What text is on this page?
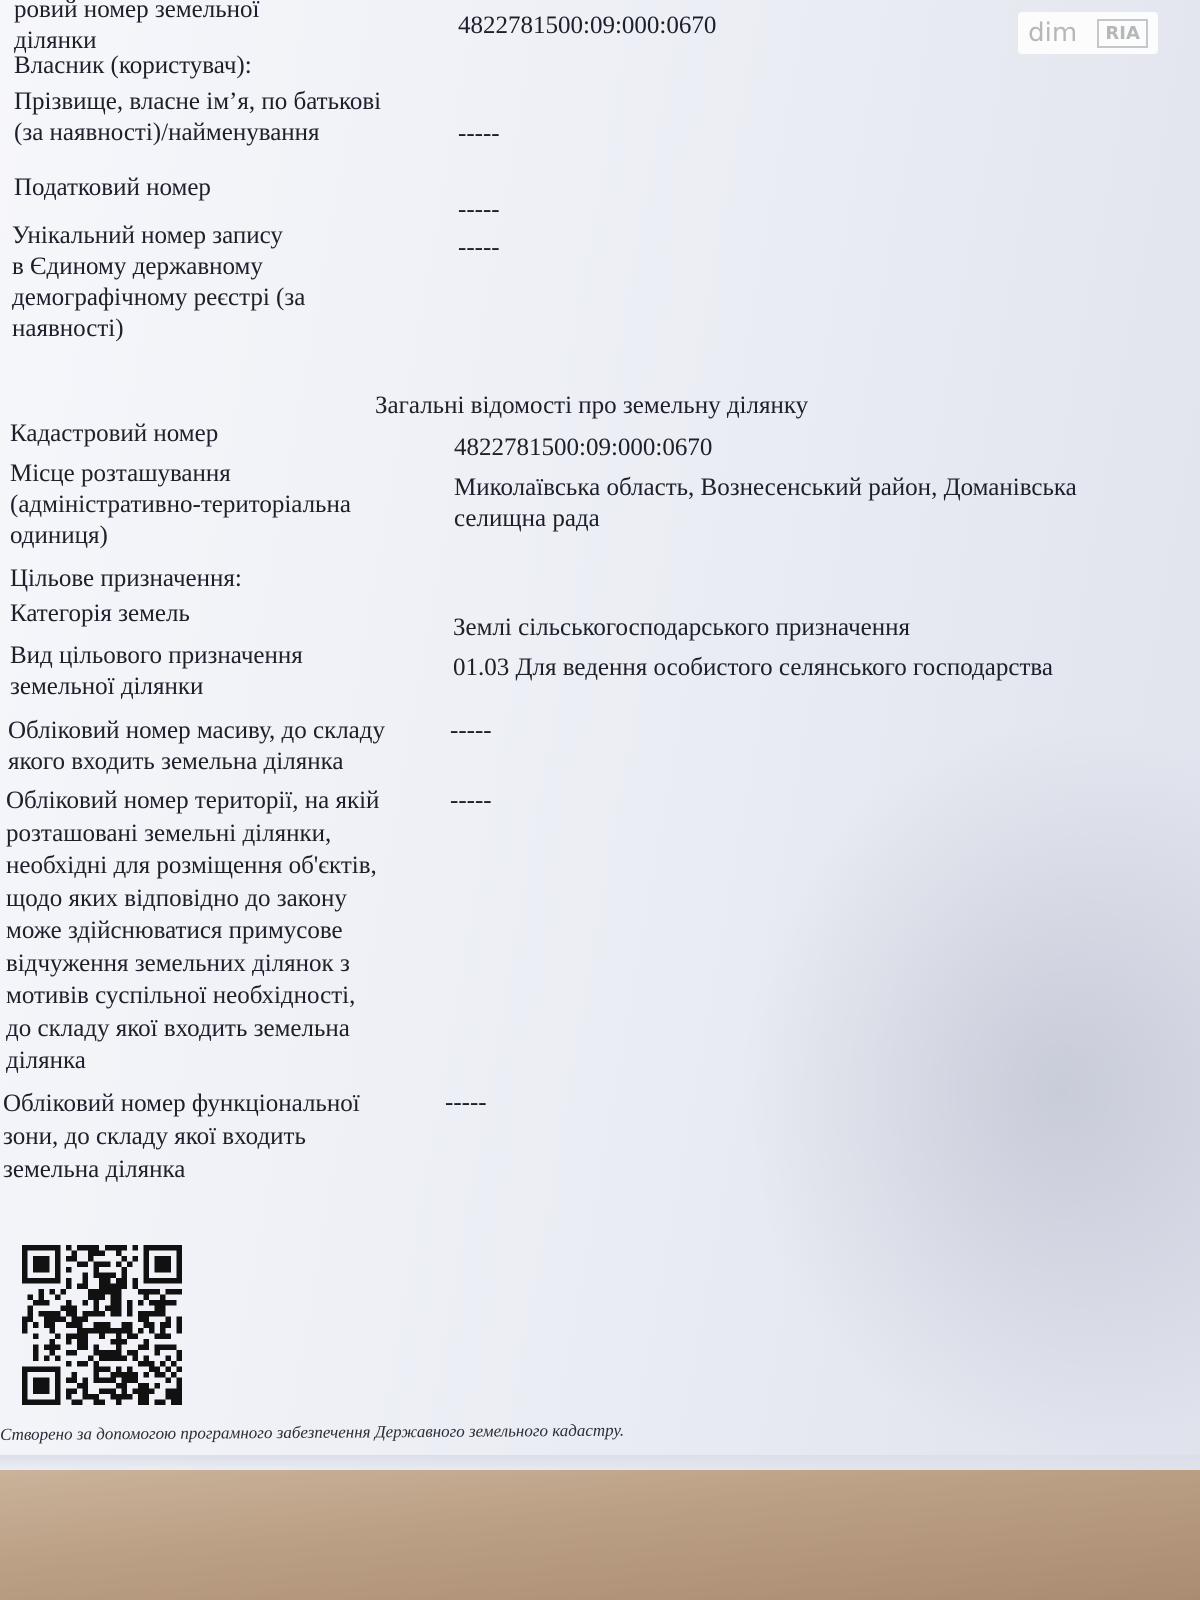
dim	RIA
ровий номер земельної
ділянки
4822781500:09:000:0670
Власник (користувач):
Прізвище, власне ім’я, по батькові
(за наявності)/найменування	-----
Податковий номер
-----
Унікальний номер запису
в Єдиному державному
демографічному реєстрі (за
наявності)
-----
Загальні відомості про земельну ділянку
Кадастровий номер
4822781500:09:000:0670
Місце розташування
(адміністративно-територіальна
одиниця)
Миколаївська область, Вознесенський район, Доманівська
селищна рада
Цільове призначення:
Категорія земель
Землі сільськогосподарського призначення
Вид цільового призначення
земельної ділянки
01.03 Для ведення особистого селянського господарства
Обліковий номер масиву, до складу
якого входить земельна ділянка
-----
Обліковий номер території, на якій
розташовані земельні ділянки,
необхідні для розміщення об'єктів,
щодо яких відповідно до закону
може здійснюватися примусове
відчуження земельних ділянок з
мотивів суспільної необхідності,
до складу якої входить земельна
ділянка
-----
Обліковий номер функціональної
зони, до складу якої входить
земельна ділянка
-----
Створено за допомогою програмного забезпечення Державного земельного кадастру.
